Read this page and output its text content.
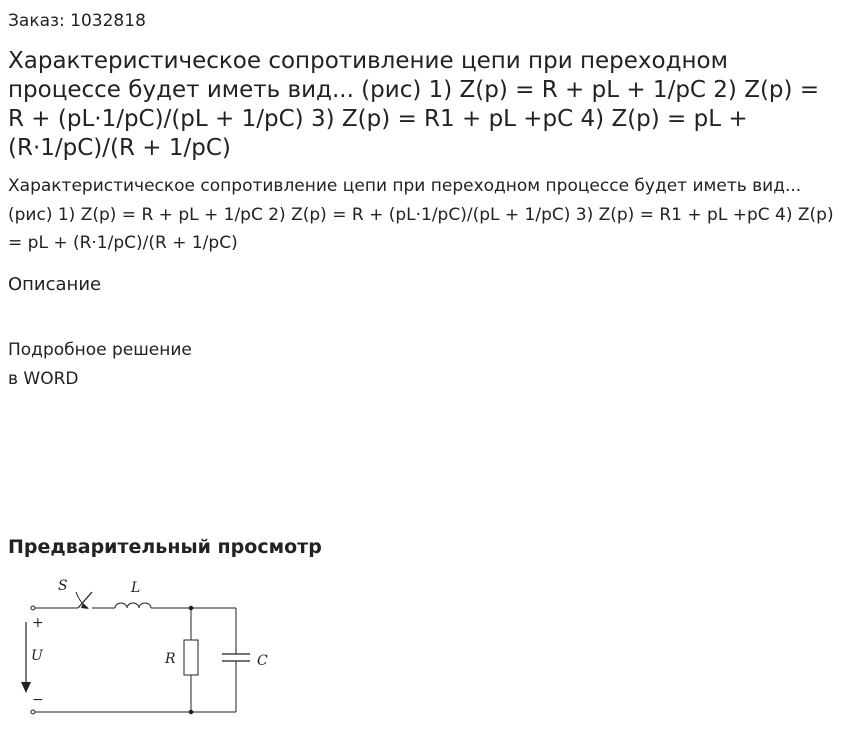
Заказ: 1032818
Характеристическое сопротивление цепи при переходном процессе будет иметь вид... (рис) 1) Z(p) = R + pL + 1/pC 2) Z(p) = R + (pL·1/pC)/(pL + 1/pC) 3) Z(p) = R1 + pL +pC 4) Z(p) = pL + (R·1/pC)/(R + 1/pC)

Характеристическое сопротивление цепи при переходном процессе будет иметь вид... (рис) 1) Z(p) = R + pL + 1/pC 2) Z(p) = R + (pL·1/pC)/(pL + 1/pC) 3) Z(p) = R1 + pL +pC 4) Z(p) = pL + (R·1/pC)/(R + 1/pC)

Описание
Подробное решение
в WORD
Предварительный просмотр
S	L
R	C
U
+
−
